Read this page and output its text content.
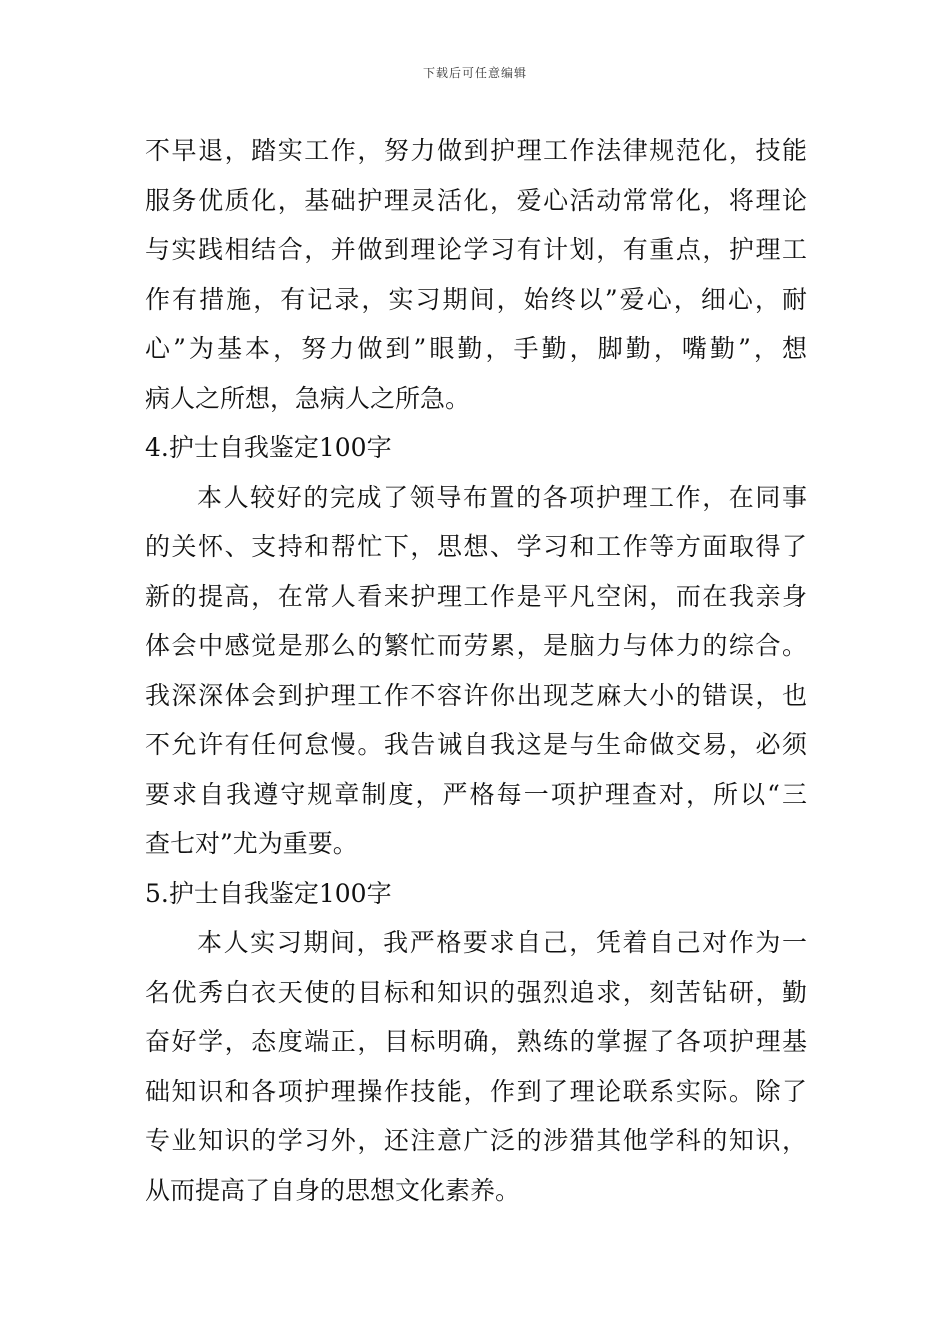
下载后可任意编辑
不早退，踏实工作，努力做到护理工作法律规范化，技能
服务优质化，基础护理灵活化，爱心活动常常化，将理论
与实践相结合，并做到理论学习有计划，有重点，护理工
作有措施，有记录，实习期间，始终以”爱心，细心，耐
心”为基本，努力做到”眼勤，手勤，脚勤，嘴勤”，想
病人之所想，急病人之所急。
4.护士自我鉴定100字
本人较好的完成了领导布置的各项护理工作，在同事
的关怀、支持和帮忙下，思想、学习和工作等方面取得了
新的提高，在常人看来护理工作是平凡空闲，而在我亲身
体会中感觉是那么的繁忙而劳累，是脑力与体力的综合。
我深深体会到护理工作不容许你出现芝麻大小的错误，也
不允许有任何怠慢。我告诫自我这是与生命做交易，必须
要求自我遵守规章制度，严格每一项护理查对，所以“三
查七对”尤为重要。
5.护士自我鉴定100字
本人实习期间，我严格要求自己，凭着自己对作为一
名优秀白衣天使的目标和知识的强烈追求，刻苦钻研，勤
奋好学，态度端正，目标明确，熟练的掌握了各项护理基
础知识和各项护理操作技能，作到了理论联系实际。除了
专业知识的学习外，还注意广泛的涉猎其他学科的知识，
从而提高了自身的思想文化素养。
